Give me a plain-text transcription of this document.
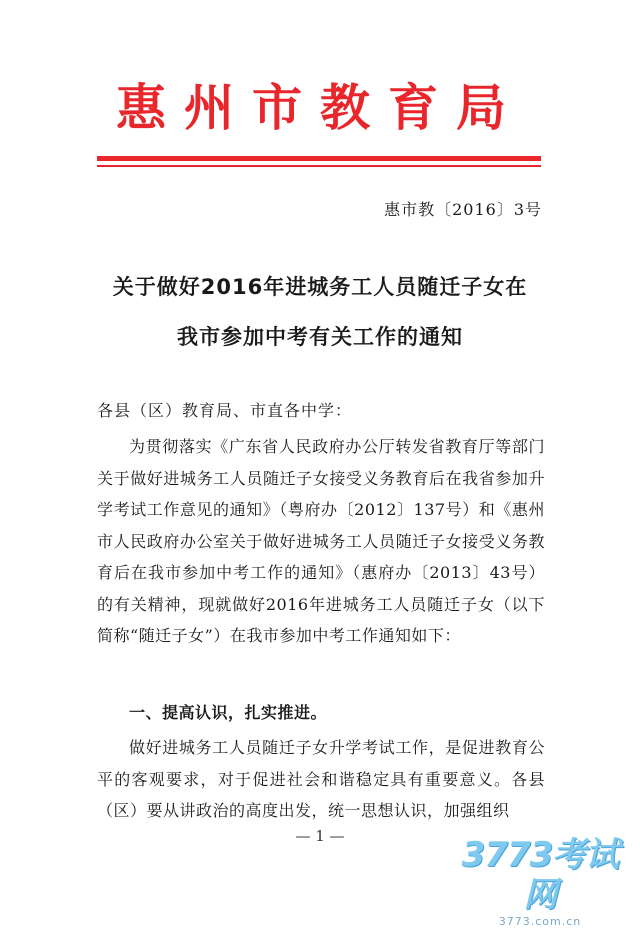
惠州市教育局
惠市教〔2016〕3号
关于做好2016年进城务工人员随迁子女在
我市参加中考有关工作的通知
各县（区）教育局、市直各中学：
为贯彻落实《广东省人民政府办公厅转发省教育厅等部门关于做好进城务工人员随迁子女接受义务教育后在我省参加升学考试工作意见的通知》（粤府办〔2012〕137号）和《惠州市人民政府办公室关于做好进城务工人员随迁子女接受义务教育后在我市参加中考工作的通知》（惠府办〔2013〕43号）的有关精神，现就做好2016年进城务工人员随迁子女（以下简称“随迁子女”）在我市参加中考工作通知如下：
一、提高认识，扎实推进。
做好进城务工人员随迁子女升学考试工作，是促进教育公平的客观要求，对于促进社会和谐稳定具有重要意义。各县（区）要从讲政治的高度出发，统一思想认识，加强组织
— 1 —	3773考试网
3773.com.cn
